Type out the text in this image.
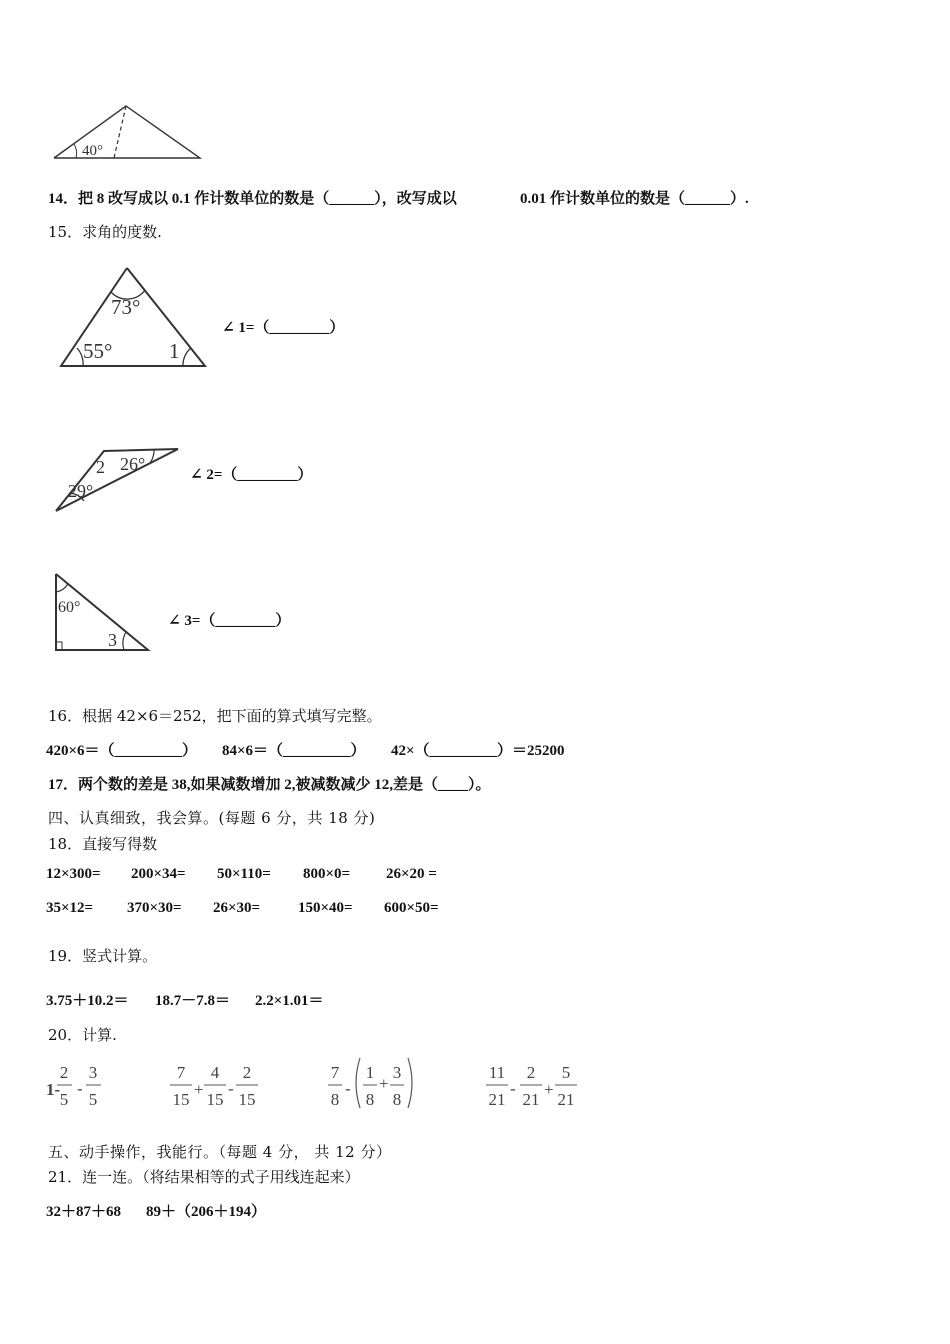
40°
14．把 8 改写成以 0.1 作计数单位的数是（______），改写成以	0.01 作计数单位的数是（______）.
15．求角的度数.
73°
55°	1
∠ 1=（________）
2 26°
29°
∠ 2=（________）
60°
3
∠ 3=（________）
16．根据 42×6＝252，把下面的算式填写完整。
420×6＝（_________） 84×6＝（_________） 42×（_________）＝25200
17．两个数的差是 38,如果减数增加 2,被减数减少 12,差是（____）。
四、认真细致，我会算。(每题 6 分，共 18 分)
18．直接写得数
12×300= 200×34= 50×110= 800×0= 26×20 =
35×12= 370×30= 26×30=	150×40= 600×50=
19．竖式计算。
3.75＋10.2＝ 18.7－7.8＝ 2.2×1.01＝
20．计算.
1-
2
5
-
3
5
7
15
+
4
15
-
2
15
7
8
-
1
8
+
3
8
11
21
-
2
21
+
5
21
五、动手操作，我能行。（每题 4 分， 共 12 分）
21．连一连。（将结果相等的式子用线连起来）
32＋87＋68 89＋（206＋194）
